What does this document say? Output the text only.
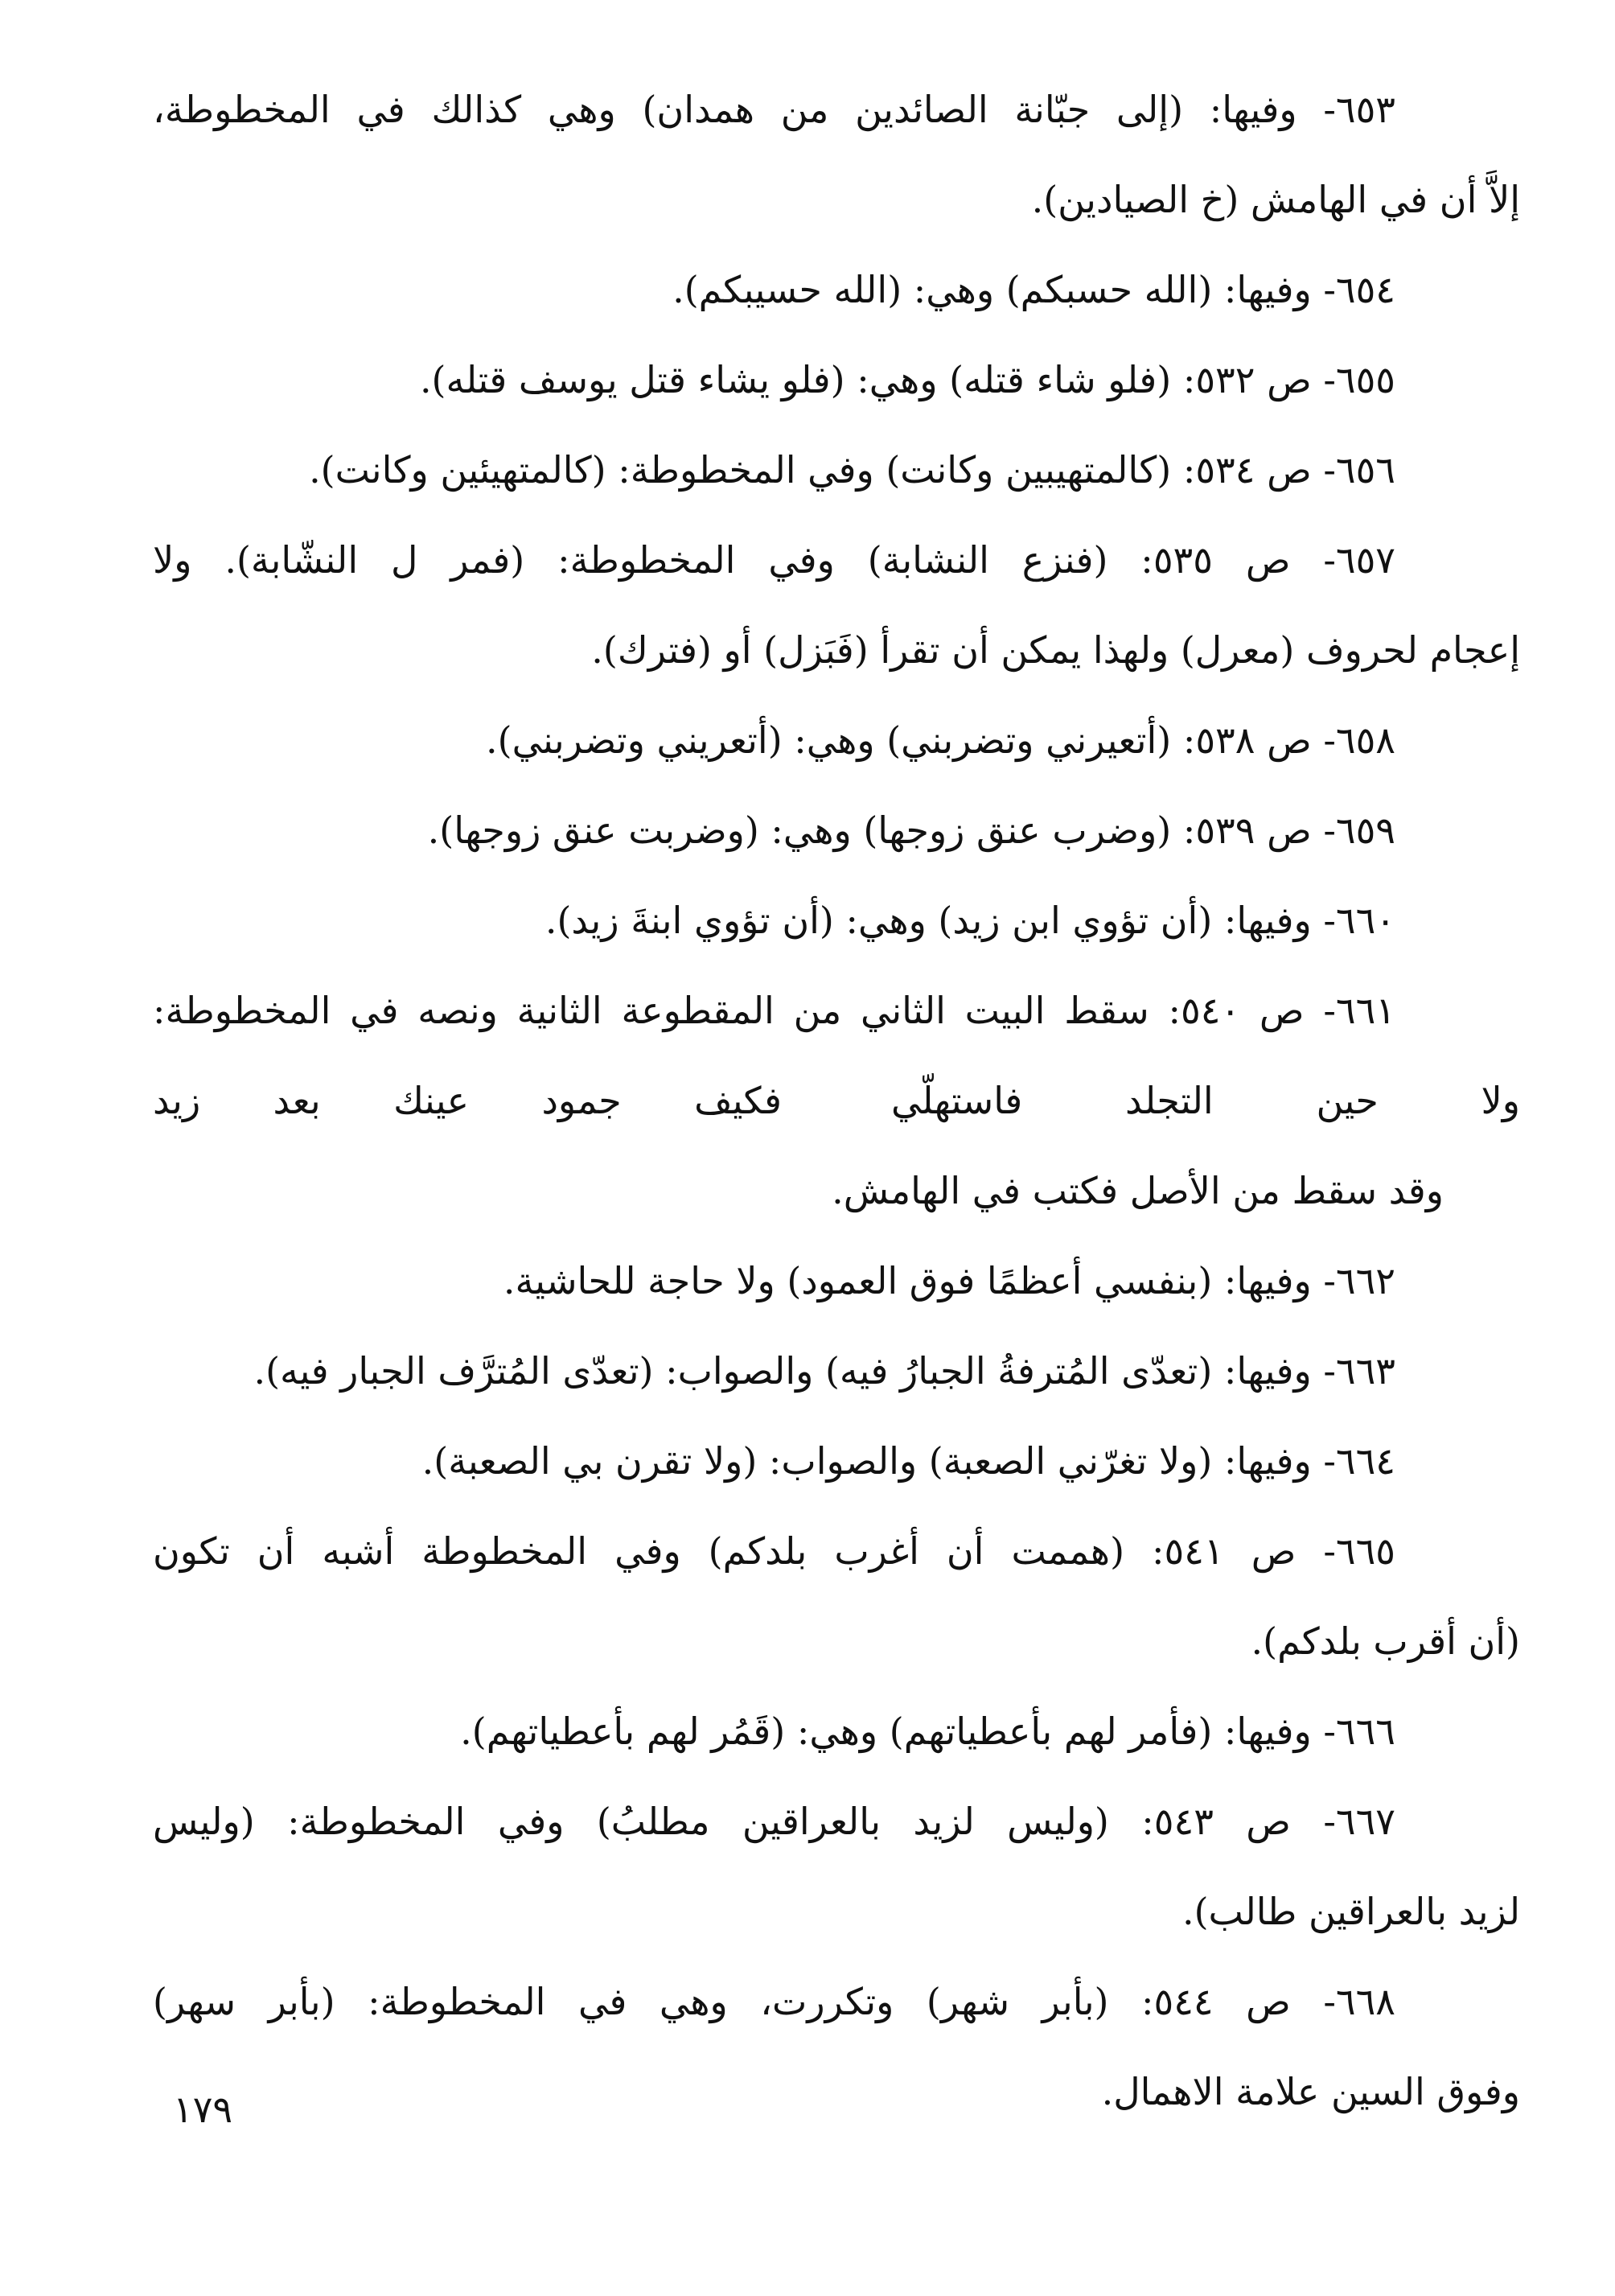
٦٥٣- وفيها: (إلى جبّانة الصائدين من همدان) وهي كذالك في المخطوطة،

إلاَّ أن في الهامش (خ الصيادين).

٦٥٤- وفيها: (الله حسبكم) وهي: (الله حسيبكم).

٦٥٥- ص ٥٣٢: (فلو شاء قتله) وهي: (فلو يشاء قتل يوسف قتله).

٦٥٦- ص ٥٣٤: (كالمتهيبين وكانت) وفي المخطوطة: (كالمتهيئين وكانت).

٦٥٧- ص ٥٣٥: (فنزع النشابة) وفي المخطوطة: (فمر ل النشّابة). ولا

إعجام لحروف (معرل) ولهذا يمكن أن تقرأ (فَبَزل) أو (فترك).

٦٥٨- ص ٥٣٨: (أتعيرني وتضربني) وهي: (أتعريني وتضربني).

٦٥٩- ص ٥٣٩: (وضرب عنق زوجها) وهي: (وضربت عنق زوجها).

٦٦٠- وفيها: (أن تؤوي ابن زيد) وهي: (أن تؤوي ابنةَ زيد).

٦٦١- ص ٥٤٠: سقط البيت الثاني من المقطوعة الثانية ونصه في المخطوطة:

ولا حين التجلد فاستهلّي
فكيف جمود عينك بعد زيد

وقد سقط من الأصل فكتب في الهامش.

٦٦٢- وفيها: (بنفسي أعظمًا فوق العمود) ولا حاجة للحاشية.

٦٦٣- وفيها: (تعدّى المُترفةُ الجبارُ فيه) والصواب: (تعدّى المُترَّف الجبار فيه).

٦٦٤- وفيها: (ولا تغرّني الصعبة) والصواب: (ولا تقرن بي الصعبة).

٦٦٥- ص ٥٤١: (هممت أن أغرب بلدكم) وفي المخطوطة أشبه أن تكون

(أن أقرب بلدكم).

٦٦٦- وفيها: (فأمر لهم بأعطياتهم) وهي: (قَمُر لهم بأعطياتهم).

٦٦٧- ص ٥٤٣: (وليس لزيد بالعراقين مطلبُ) وفي المخطوطة: (وليس

لزيد بالعراقين طالب).

٦٦٨- ص ٥٤٤: (بأبر شهر) وتكررت، وهي في المخطوطة: (بأبر سهر)

وفوق السين علامة الاهمال.

١٧٩
